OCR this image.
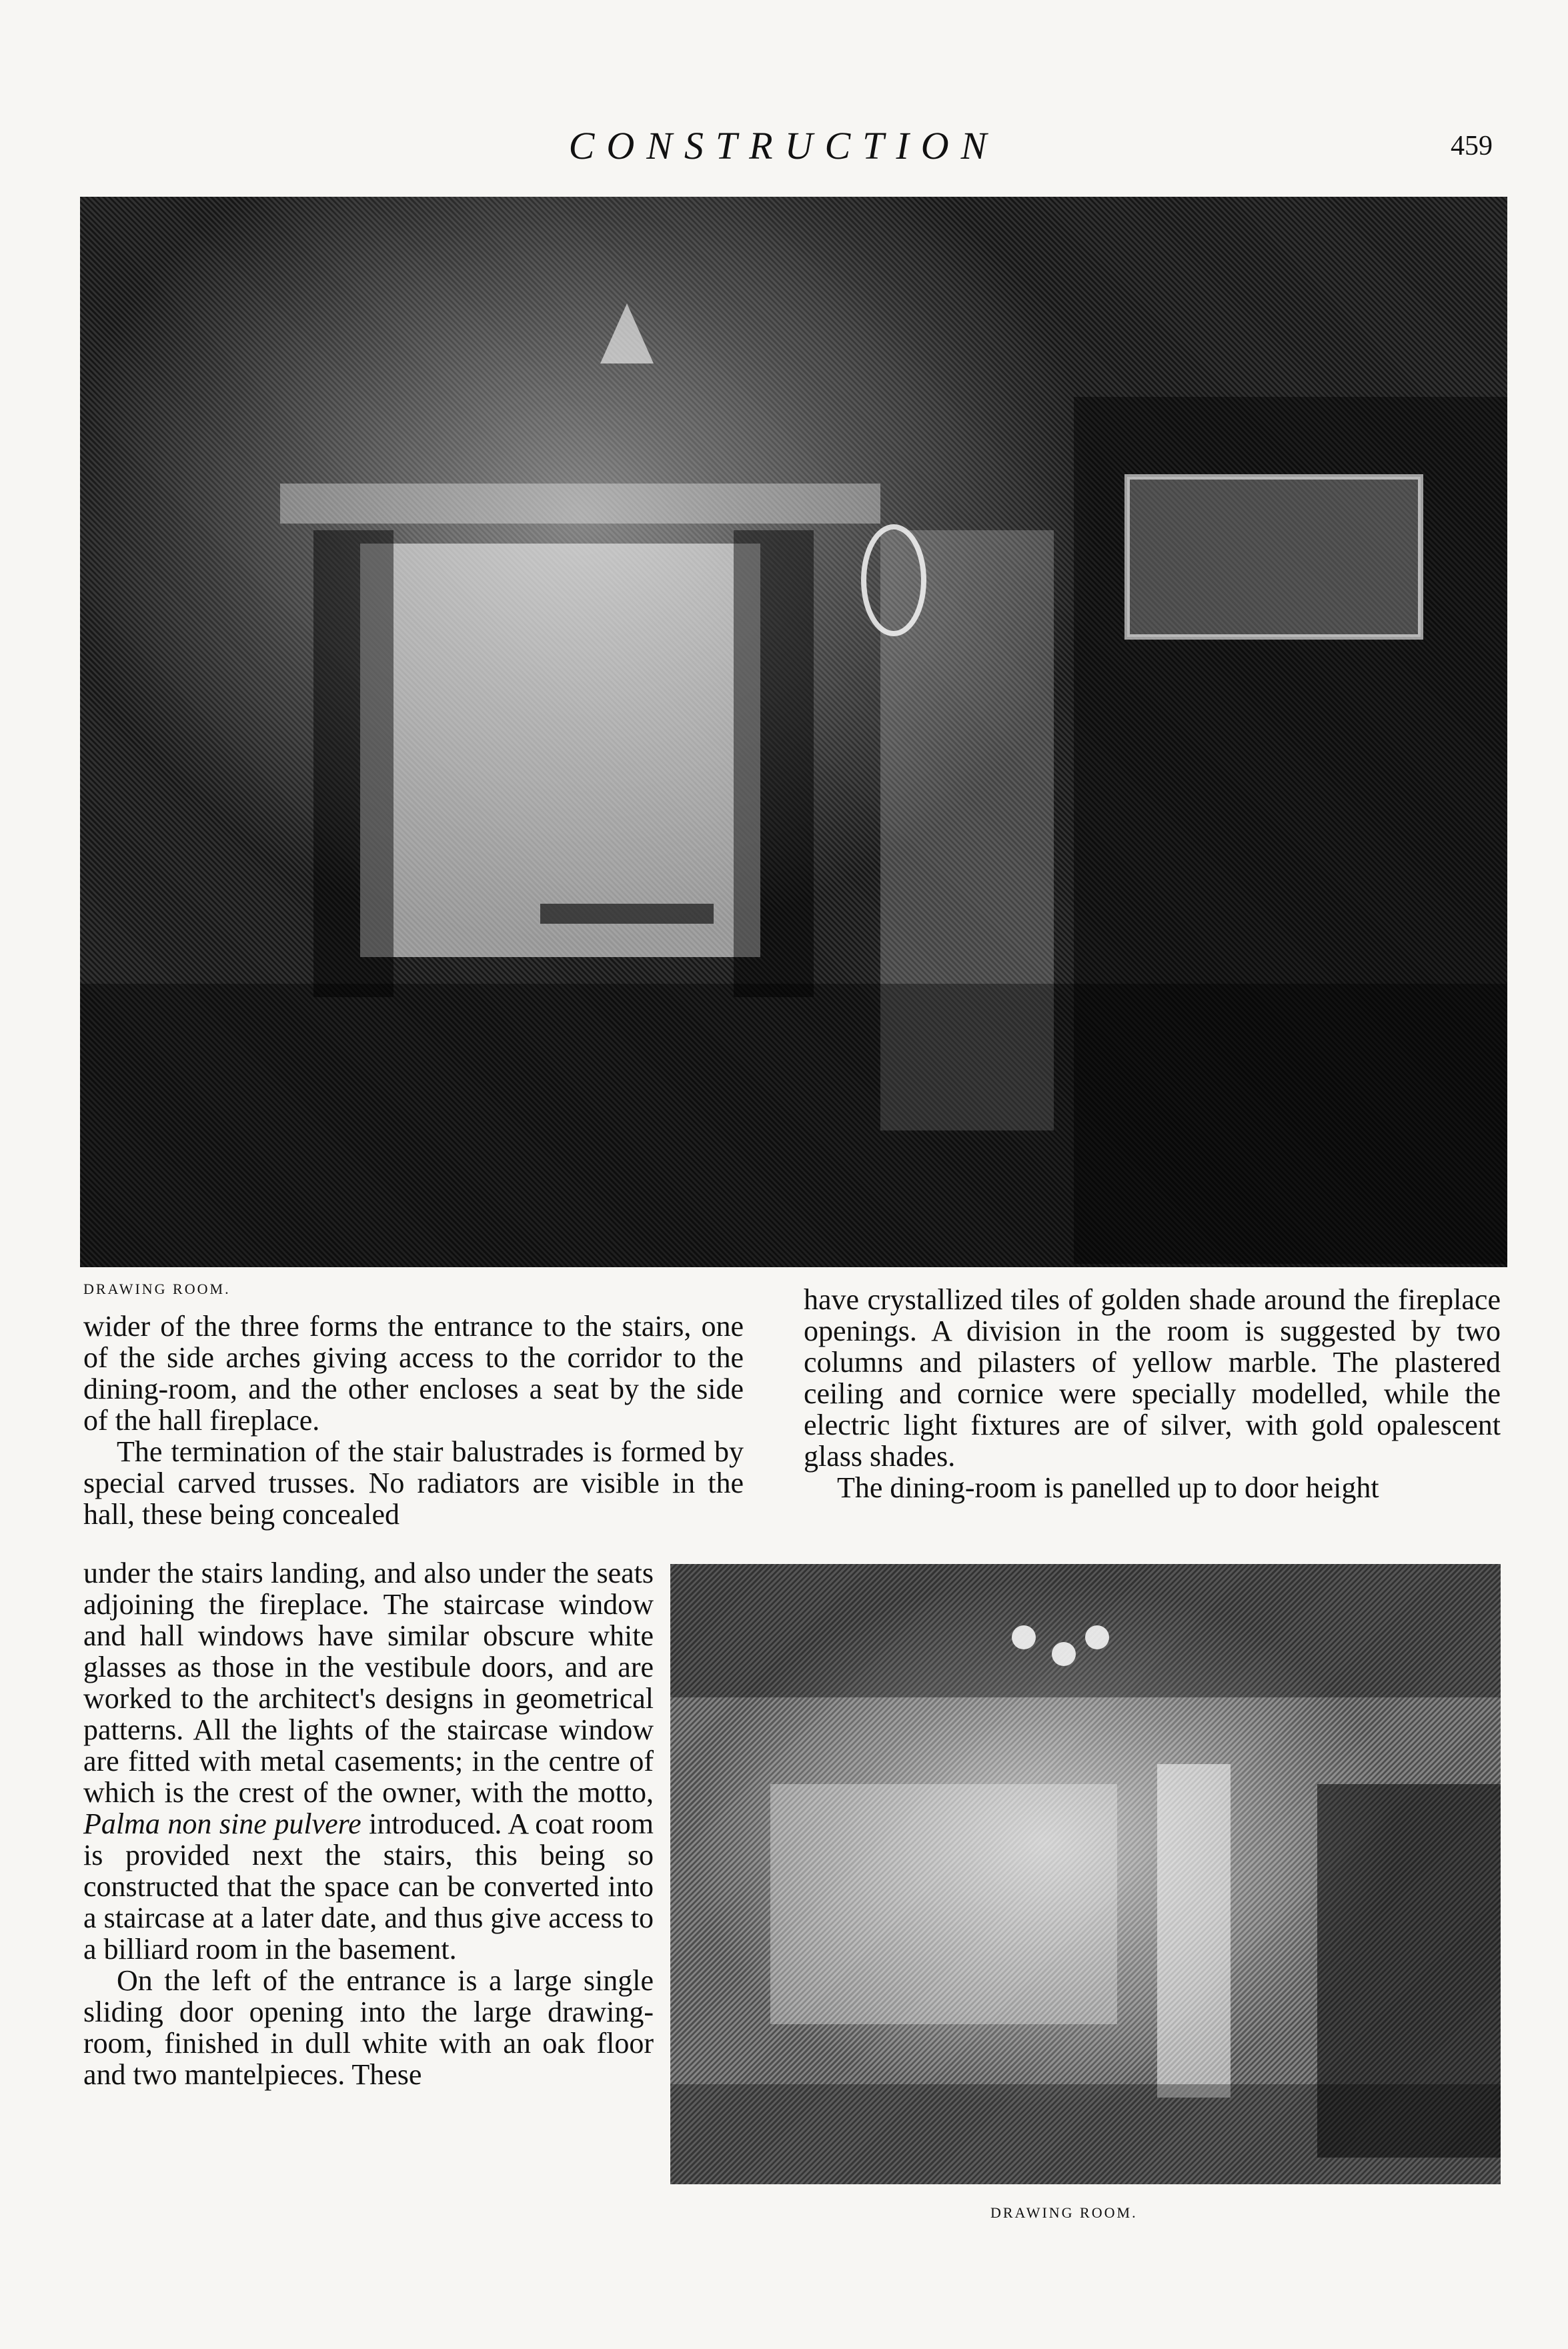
CONSTRUCTION	459
DRAWING ROOM.

wider of the three forms the entrance to the stairs, one of the side arches giving access to the corridor to the dining-room, and the other encloses a seat by the side of the hall fireplace.

The termination of the stair balustrades is formed by special carved trusses. No radiators are visible in the hall, these being concealed

under the stairs landing, and also under the seats adjoining the fireplace. The staircase window and hall windows have similar obscure white glasses as those in the vestibule doors, and are worked to the architect's designs in geometrical patterns. All the lights of the staircase window are fitted with metal casements; in the centre of which is the crest of the owner, with the motto, Palma non sine pulvere introduced. A coat room is provided next the stairs, this being so constructed that the space can be converted into a staircase at a later date, and thus give access to a billiard room in the basement.

On the left of the entrance is a large single sliding door opening into the large drawing-room, finished in dull white with an oak floor and two mantelpieces. These

have crystallized tiles of golden shade around the fireplace openings. A division in the room is suggested by two columns and pilasters of yellow marble. The plastered ceiling and cornice were specially modelled, while the electric light fixtures are of silver, with gold opalescent glass shades.

The dining-room is panelled up to door height

DRAWING ROOM.
